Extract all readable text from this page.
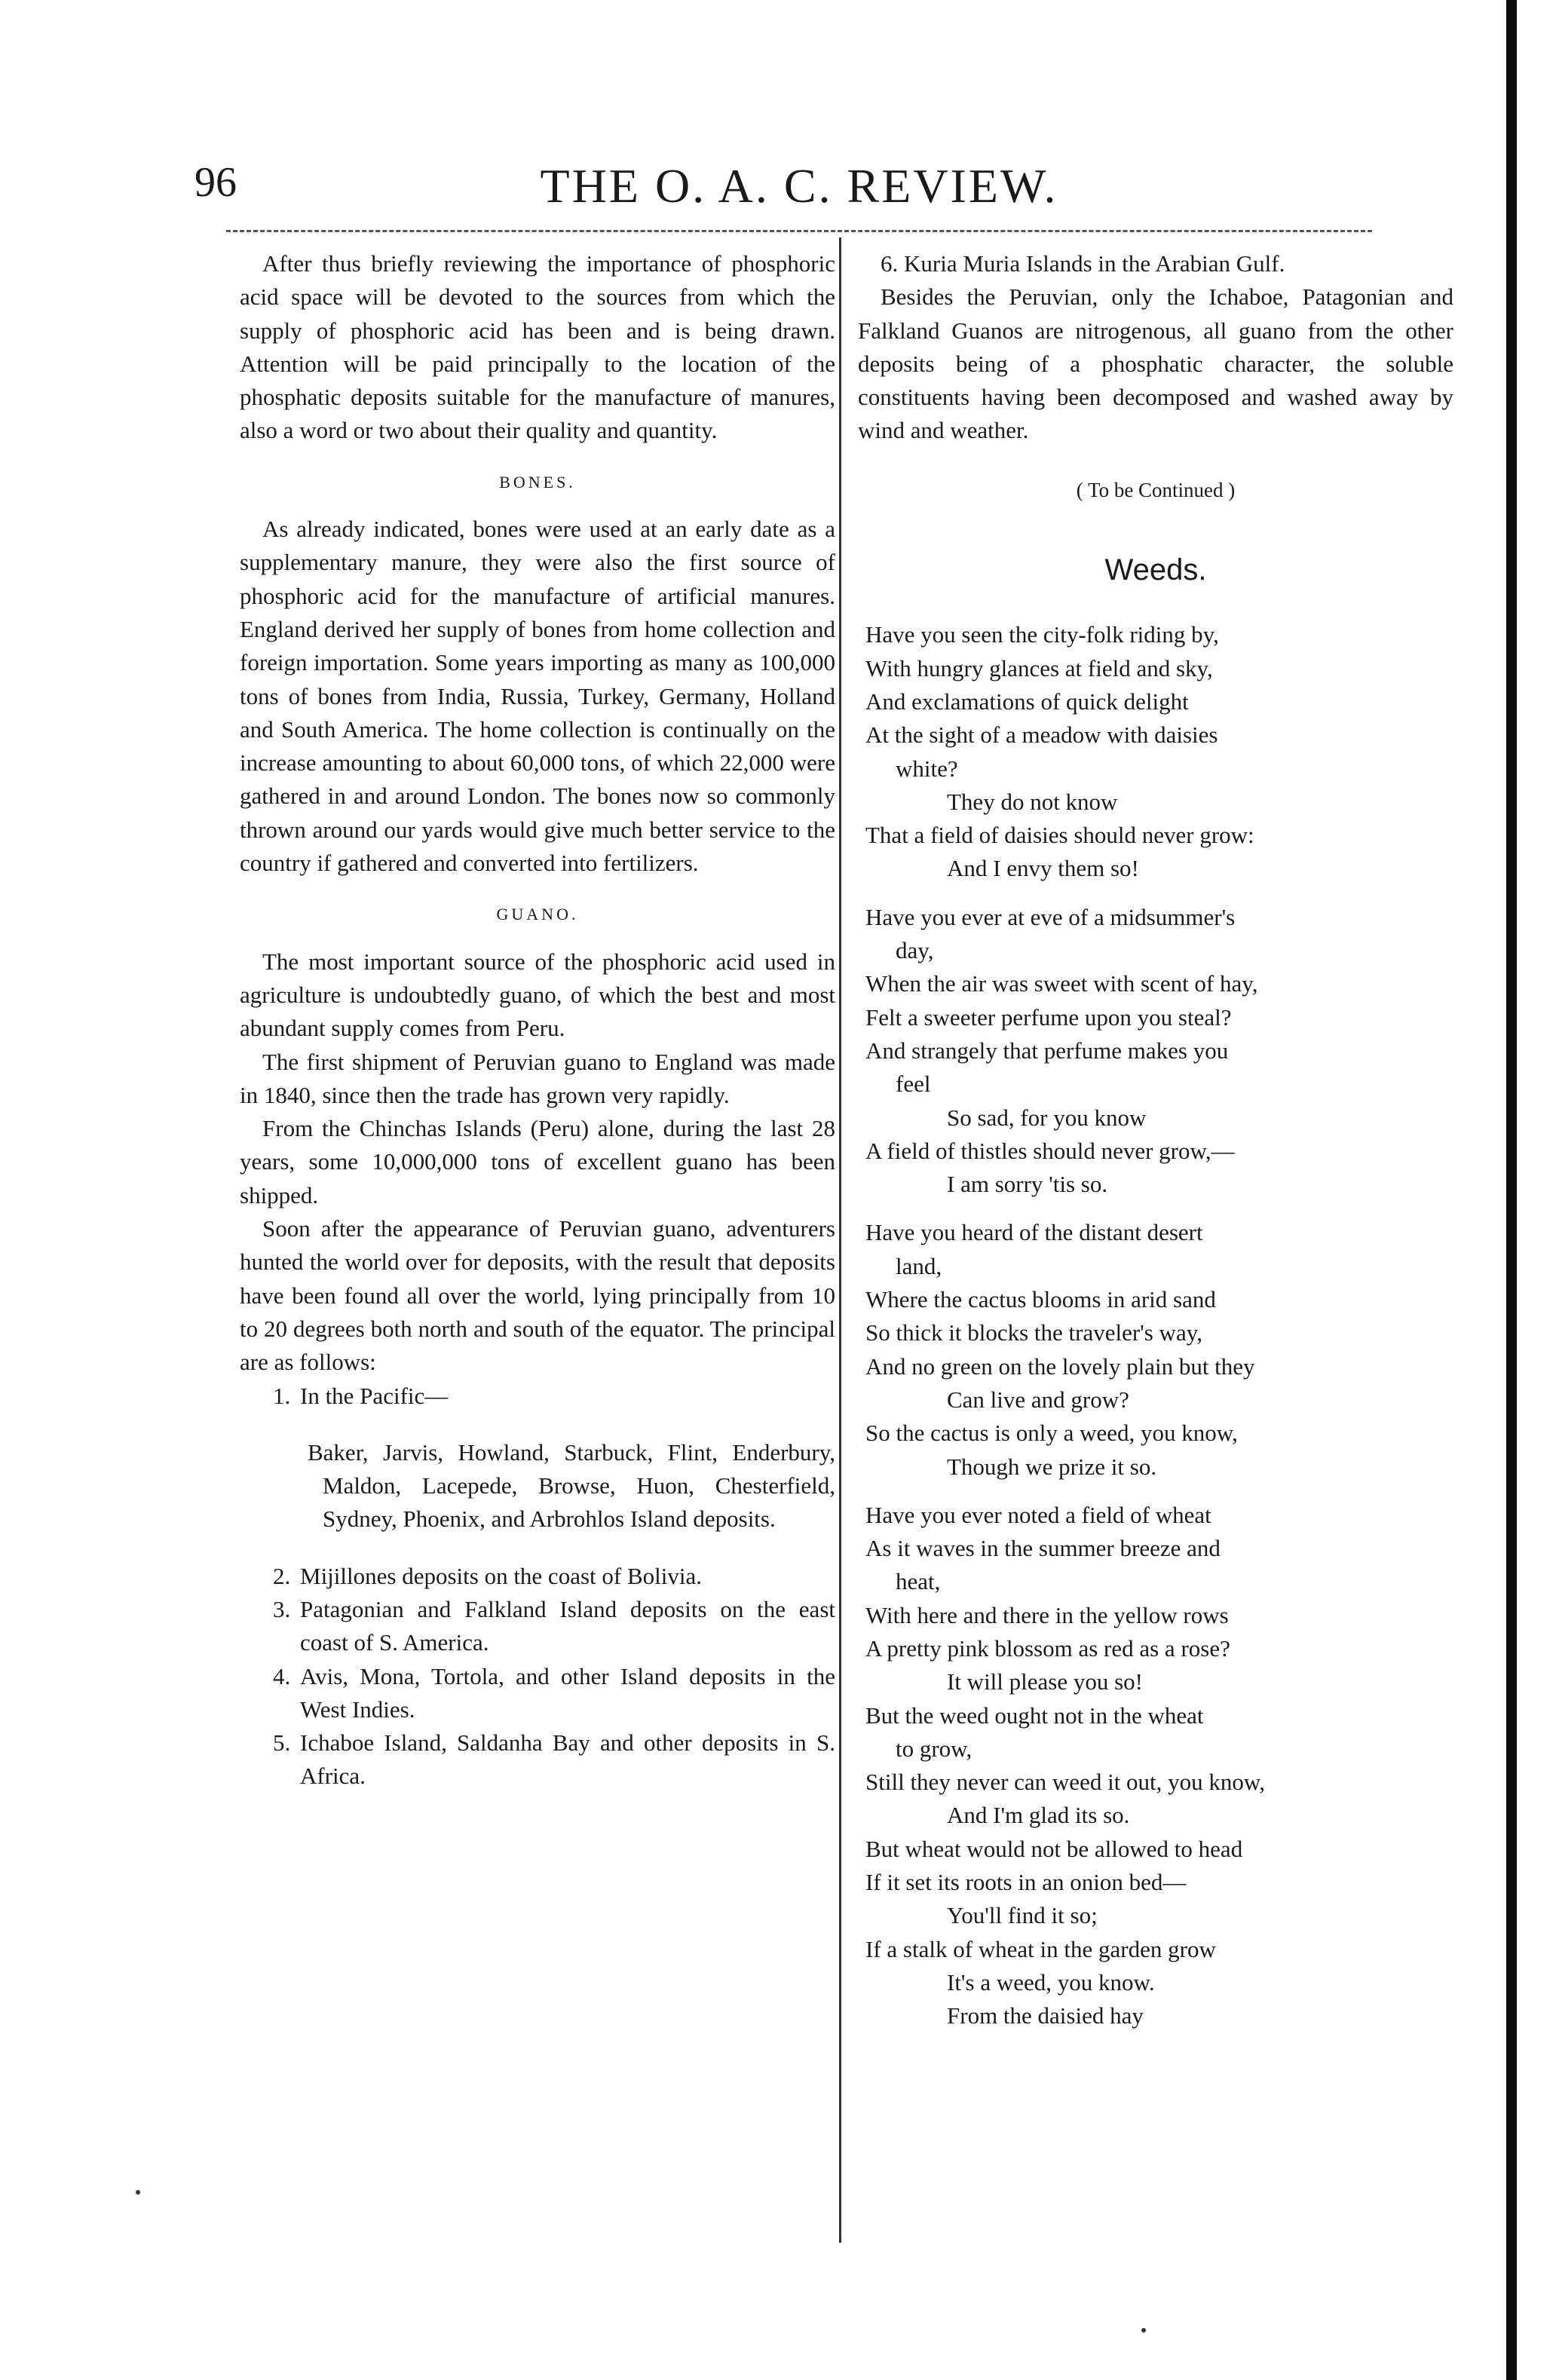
96	THE O. A. C. REVIEW.

After thus briefly reviewing the importance of phosphoric acid space will be devoted to the sources from which the supply of phosphoric acid has been and is being drawn. Attention will be paid principally to the location of the phosphatic deposits suitable for the manufacture of manures, also a word or two about their quality and quantity.

BONES.

As already indicated, bones were used at an early date as a supplementary manure, they were also the first source of phosphoric acid for the manufacture of artificial manures. England derived her supply of bones from home collection and foreign importation. Some years importing as many as 100,000 tons of bones from India, Russia, Turkey, Germany, Holland and South America. The home collection is continually on the increase amounting to about 60,000 tons, of which 22,000 were gathered in and around London. The bones now so commonly thrown around our yards would give much better service to the country if gathered and converted into fertilizers.

GUANO.

The most important source of the phosphoric acid used in agriculture is undoubtedly guano, of which the best and most abundant supply comes from Peru.

The first shipment of Peruvian guano to England was made in 1840, since then the trade has grown very rapidly.

From the Chinchas Islands (Peru) alone, during the last 28 years, some 10,000,000 tons of excellent guano has been shipped.

Soon after the appearance of Peruvian guano, adventurers hunted the world over for deposits, with the result that deposits have been found all over the world, lying principally from 10 to 20 degrees both north and south of the equator. The principal are as follows:

1. In the Pacific—

Baker, Jarvis, Howland, Starbuck, Flint, Enderbury, Maldon, Lacepede, Browse, Huon, Chesterfield, Sydney, Phoenix, and Arbrohlos Island deposits.

2. Mijillones deposits on the coast of Bolivia.

3. Patagonian and Falkland Island deposits on the east coast of S. America.

4. Avis, Mona, Tortola, and other Island deposits in the West Indies.

5. Ichaboe Island, Saldanha Bay and other deposits in S. Africa.

6. Kuria Muria Islands in the Arabian Gulf.

Besides the Peruvian, only the Ichaboe, Patagonian and Falkland Guanos are nitrogenous, all guano from the other deposits being of a phosphatic character, the soluble constituents having been decomposed and washed away by wind and weather.

( To be Continued )
Weeds.

Have you seen the city-folk riding by,

With hungry glances at field and sky,

And exclamations of quick delight

At the sight of a meadow with daisies

white?

They do not know

That a field of daisies should never grow:

And I envy them so!

Have you ever at eve of a midsummer's

day,

When the air was sweet with scent of hay,

Felt a sweeter perfume upon you steal?

And strangely that perfume makes you

feel

So sad, for you know

A field of thistles should never grow,—

I am sorry 'tis so.

Have you heard of the distant desert

land,

Where the cactus blooms in arid sand

So thick it blocks the traveler's way,

And no green on the lovely plain but they

Can live and grow?

So the cactus is only a weed, you know,

Though we prize it so.

Have you ever noted a field of wheat

As it waves in the summer breeze and

heat,

With here and there in the yellow rows

A pretty pink blossom as red as a rose?

It will please you so!

But the weed ought not in the wheat

to grow,

Still they never can weed it out, you know,

And I'm glad its so.

But wheat would not be allowed to head

If it set its roots in an onion bed—

You'll find it so;

If a stalk of wheat in the garden grow

It's a weed, you know.

From the daisied hay
